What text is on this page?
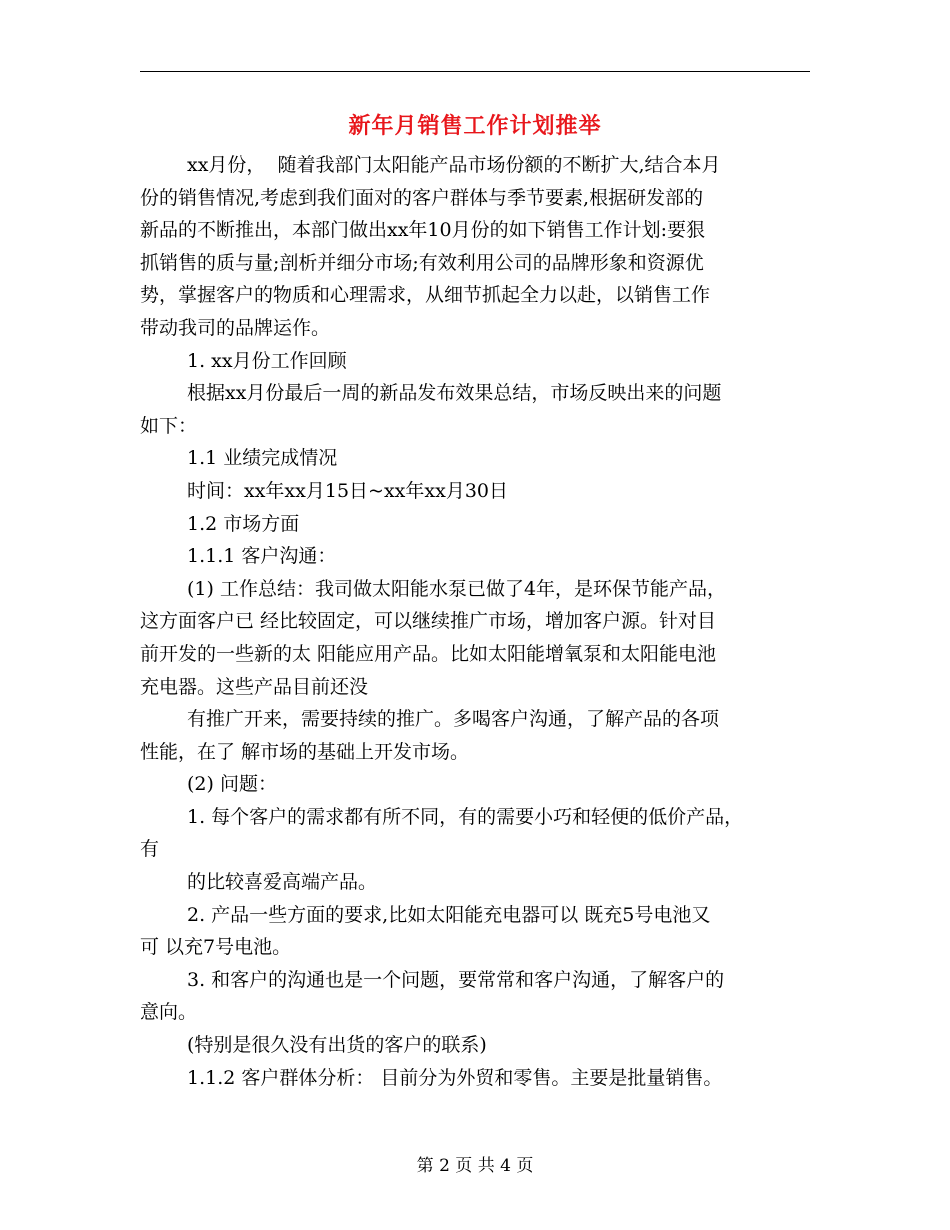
新年月销售工作计划推举

xx月份，  随着我部门太阳能产品市场份额的不断扩大,结合本月

份的销售情况,考虑到我们面对的客户群体与季节要素,根据研发部的

新品的不断推出，本部门做出xx年10月份的如下销售工作计划:要狠

抓销售的质与量;剖析并细分市场;有效利用公司的品牌形象和资源优

势，掌握客户的物质和心理需求，从细节抓起全力以赴，以销售工作

带动我司的品牌运作。

1. xx月份工作回顾

根据xx月份最后一周的新品发布效果总结，市场反映出来的问题

如下：

1.1 业绩完成情况

时间：xx年xx月15日~xx年xx月30日

1.2 市场方面

1.1.1 客户沟通：

(1) 工作总结：我司做太阳能水泵已做了4年，是环保节能产品，

这方面客户已 经比较固定，可以继续推广市场，增加客户源。针对目

前开发的一些新的太 阳能应用产品。比如太阳能增氧泵和太阳能电池

充电器。这些产品目前还没

有推广开来，需要持续的推广。多喝客户沟通，了解产品的各项

性能，在了 解市场的基础上开发市场。

(2) 问题：

1. 每个客户的需求都有所不同，有的需要小巧和轻便的低价产品，

有

的比较喜爱高端产品。

2. 产品一些方面的要求,比如太阳能充电器可以 既充5号电池又

可 以充7号电池。

3. 和客户的沟通也是一个问题，要常常和客户沟通，了解客户的

意向。

(特别是很久没有出货的客户的联系)

1.1.2 客户群体分析： 目前分为外贸和零售。主要是批量销售。

第 2 页 共 4 页
